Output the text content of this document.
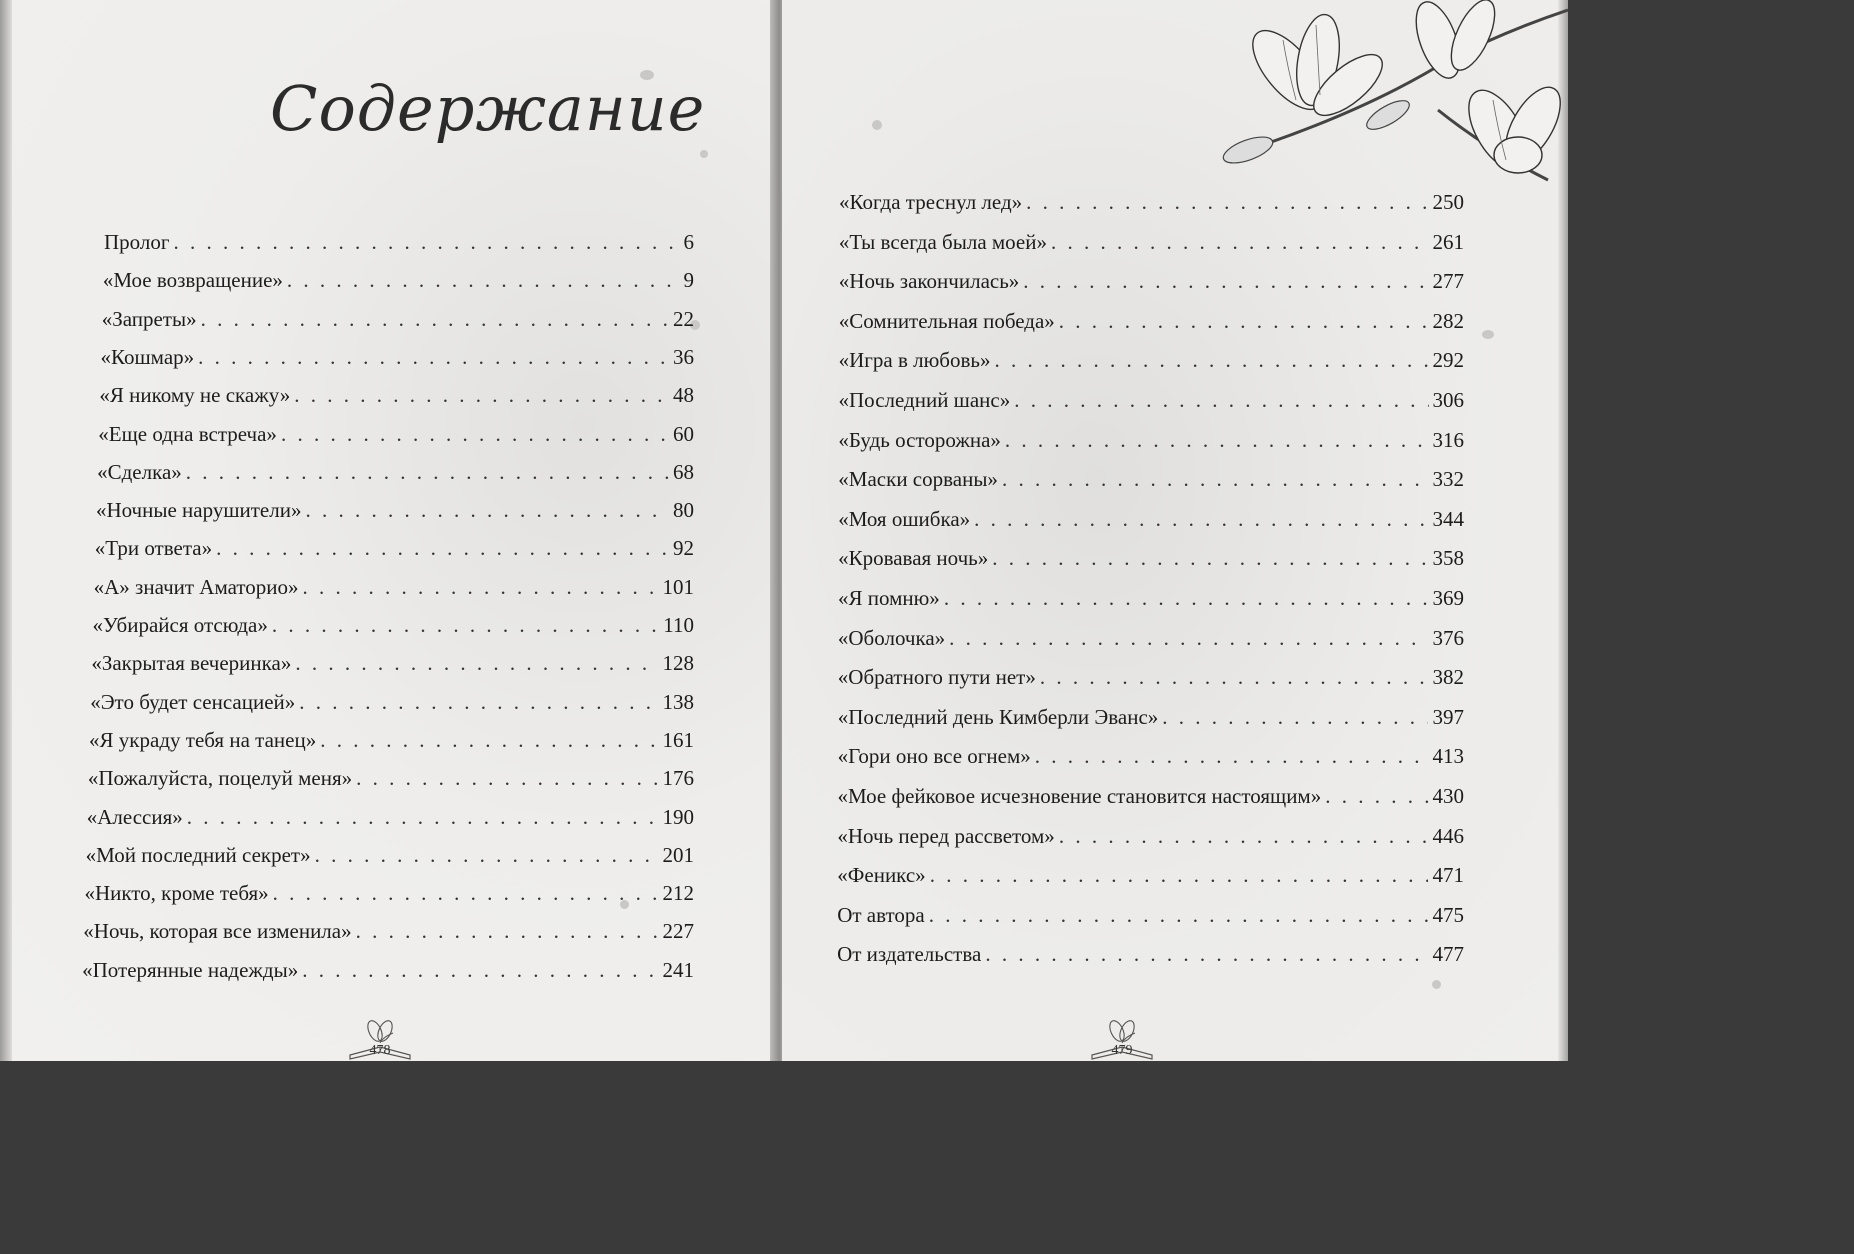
Содержание
Пролог . . .	6
«Мое возвращение» . . .	9
«Запреты» . . .	22
«Кошмар» . . .	36
«Я никому не скажу» . . .	48
«Еще одна встреча» . . .	60
«Сделка» . . .	68
«Ночные нарушители» . . .	80
«Три ответа» . . .	92
«А» значит Аматорио» . . .	101
«Убирайся отсюда» . . .	110
«Закрытая вечеринка» . . .	128
«Это будет сенсацией» . . .	138
«Я украду тебя на танец» . . .	161
«Пожалуйста, поцелуй меня» . . .	176
«Алессия» . . .	190
«Мой последний секрет» . . .	201
«Никто, кроме тебя» . . .	212
«Ночь, которая все изменила» . . .	227
«Потерянные надежды» . . .	241
478
«Когда треснул лед» . . .	250
«Ты всегда была моей» . . .	261
«Ночь закончилась» . . .	277
«Сомнительная победа» . . .	282
«Игра в любовь» . . .	292
«Последний шанс» . . .	306
«Будь осторожна» . . .	316
«Маски сорваны» . . .	332
«Моя ошибка» . . .	344
«Кровавая ночь» . . .	358
«Я помню» . . .	369
«Оболочка» . . .	376
«Обратного пути нет» . . .	382
«Последний день Кимберли Эванс» . . .	397
«Гори оно все огнем» . . .	413
«Мое фейковое исчезновение становится настоящим» . . .	430
«Ночь перед рассветом» . . .	446
«Феникс» . . .	471
От автора . . .	475
От издательства . . .	477
479
